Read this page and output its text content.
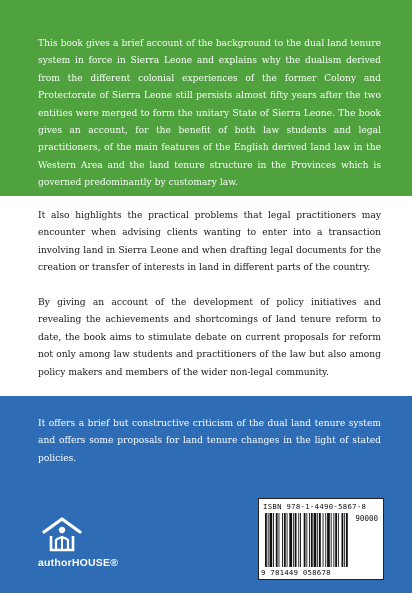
This book gives a brief account of the background to the dual land tenure system in force in Sierra Leone and explains why the dualism derived from the different colonial experiences of the former Colony and Protectorate of Sierra Leone still persists almost fifty years after the two entities were merged to form the unitary State of Sierra Leone. The book gives an account, for the benefit of both law students and legal practitioners, of the main features of the English derived land law in the Western Area and the land tenure structure in the Provinces which is governed predominantly by customary law.

It also highlights the practical problems that legal practitioners may encounter when advising clients wanting to enter into a transaction involving land in Sierra Leone and when drafting legal documents for the creation or transfer of interests in land in different parts of the country.

By giving an account of the development of policy initiatives and revealing the achievements and shortcomings of land tenure reform to date, the book aims to stimulate debate on current proposals for reform not only among law students and practitioners of the law but also among policy makers and members of the wider non-legal community.

It offers a brief but constructive criticism of the dual land tenure system and offers some proposals for land tenure changes in the light of stated policies.

authorHOUSE®
ISBN 978-1-4490-5867-8
90000
9 781449 058678
